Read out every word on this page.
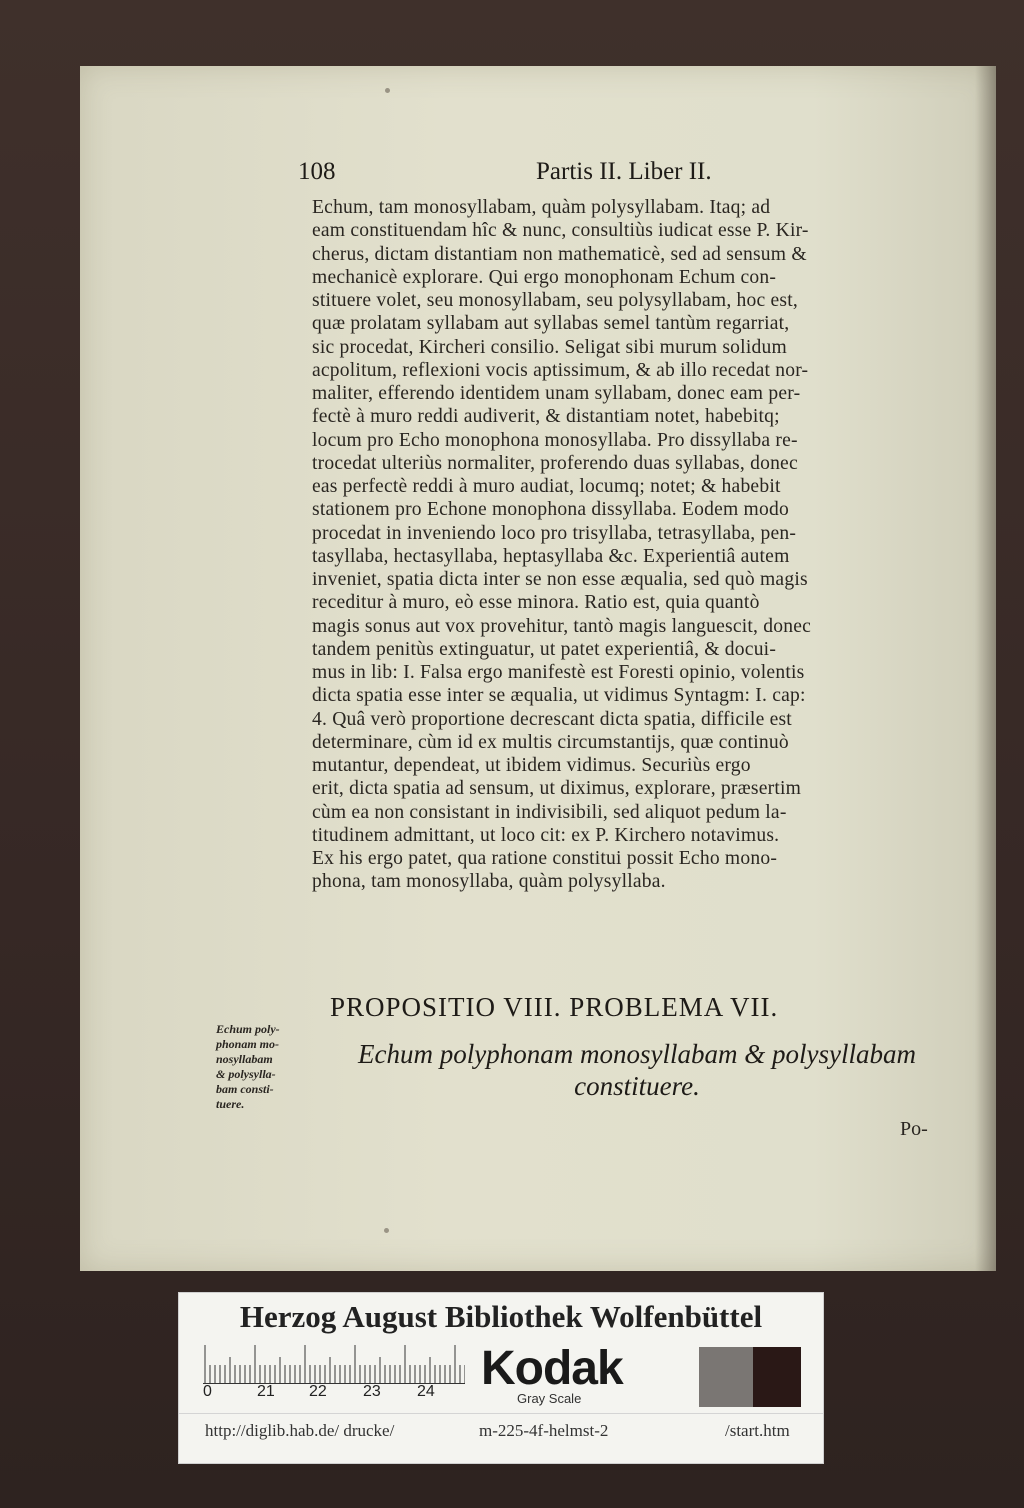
108	Partis II. Liber II.
Echum, tam monosyllabam, quàm polysyllabam. Itaq; ad
eam constituendam hîc & nunc, consultiùs iudicat esse P. Kir-
cherus, dictam distantiam non mathematicè, sed ad sensum &
mechanicè explorare. Qui ergo monophonam Echum con-
stituere volet, seu monosyllabam, seu polysyllabam, hoc est,
quæ prolatam syllabam aut syllabas semel tantùm regarriat,
sic procedat, Kircheri consilio. Seligat sibi murum solidum
acpolitum, reflexioni vocis aptissimum, & ab illo recedat nor-
maliter, efferendo identidem unam syllabam, donec eam per-
fectè à muro reddi audiverit, & distantiam notet, habebitq;
locum pro Echo monophona monosyllaba. Pro dissyllaba re-
trocedat ulteriùs normaliter, proferendo duas syllabas, donec
eas perfectè reddi à muro audiat, locumq; notet; & habebit
stationem pro Echone monophona dissyllaba. Eodem modo
procedat in inveniendo loco pro trisyllaba, tetrasyllaba, pen-
tasyllaba, hectasyllaba, heptasyllaba &c. Experientiâ autem
inveniet, spatia dicta inter se non esse æqualia, sed quò magis
receditur à muro, eò esse minora. Ratio est, quia quantò
magis sonus aut vox provehitur, tantò magis languescit, donec
tandem penitùs extinguatur, ut patet experientiâ, & docui-
mus in lib: I. Falsa ergo manifestè est Foresti opinio, volentis
dicta spatia esse inter se æqualia, ut vidimus Syntagm: I. cap:
4. Quâ verò proportione decrescant dicta spatia, difficile est
determinare, cùm id ex multis circumstantijs, quæ continuò
mutantur, dependeat, ut ibidem vidimus. Securiùs ergo
erit, dicta spatia ad sensum, ut diximus, explorare, præsertim
cùm ea non consistant in indivisibili, sed aliquot pedum la-
titudinem admittant, ut loco cit: ex P. Kirchero notavimus.
Ex his ergo patet, qua ratione constitui possit Echo mono-
phona, tam monosyllaba, quàm polysyllaba.
Echum poly-
phonam mo-
nosyllabam
& polysylla-
bam consti-
tuere.
PROPOSITIO VIII. PROBLEMA VII.
Echum polyphonam monosyllabam & polysyllabam
constituere.
Po-
Herzog August Bibliothek Wolfenbüttel
0	21 22 23 24 Kodak
Gray Scale
http://diglib.hab.de/ drucke/	m-225-4f-helmst-2	/start.htm
